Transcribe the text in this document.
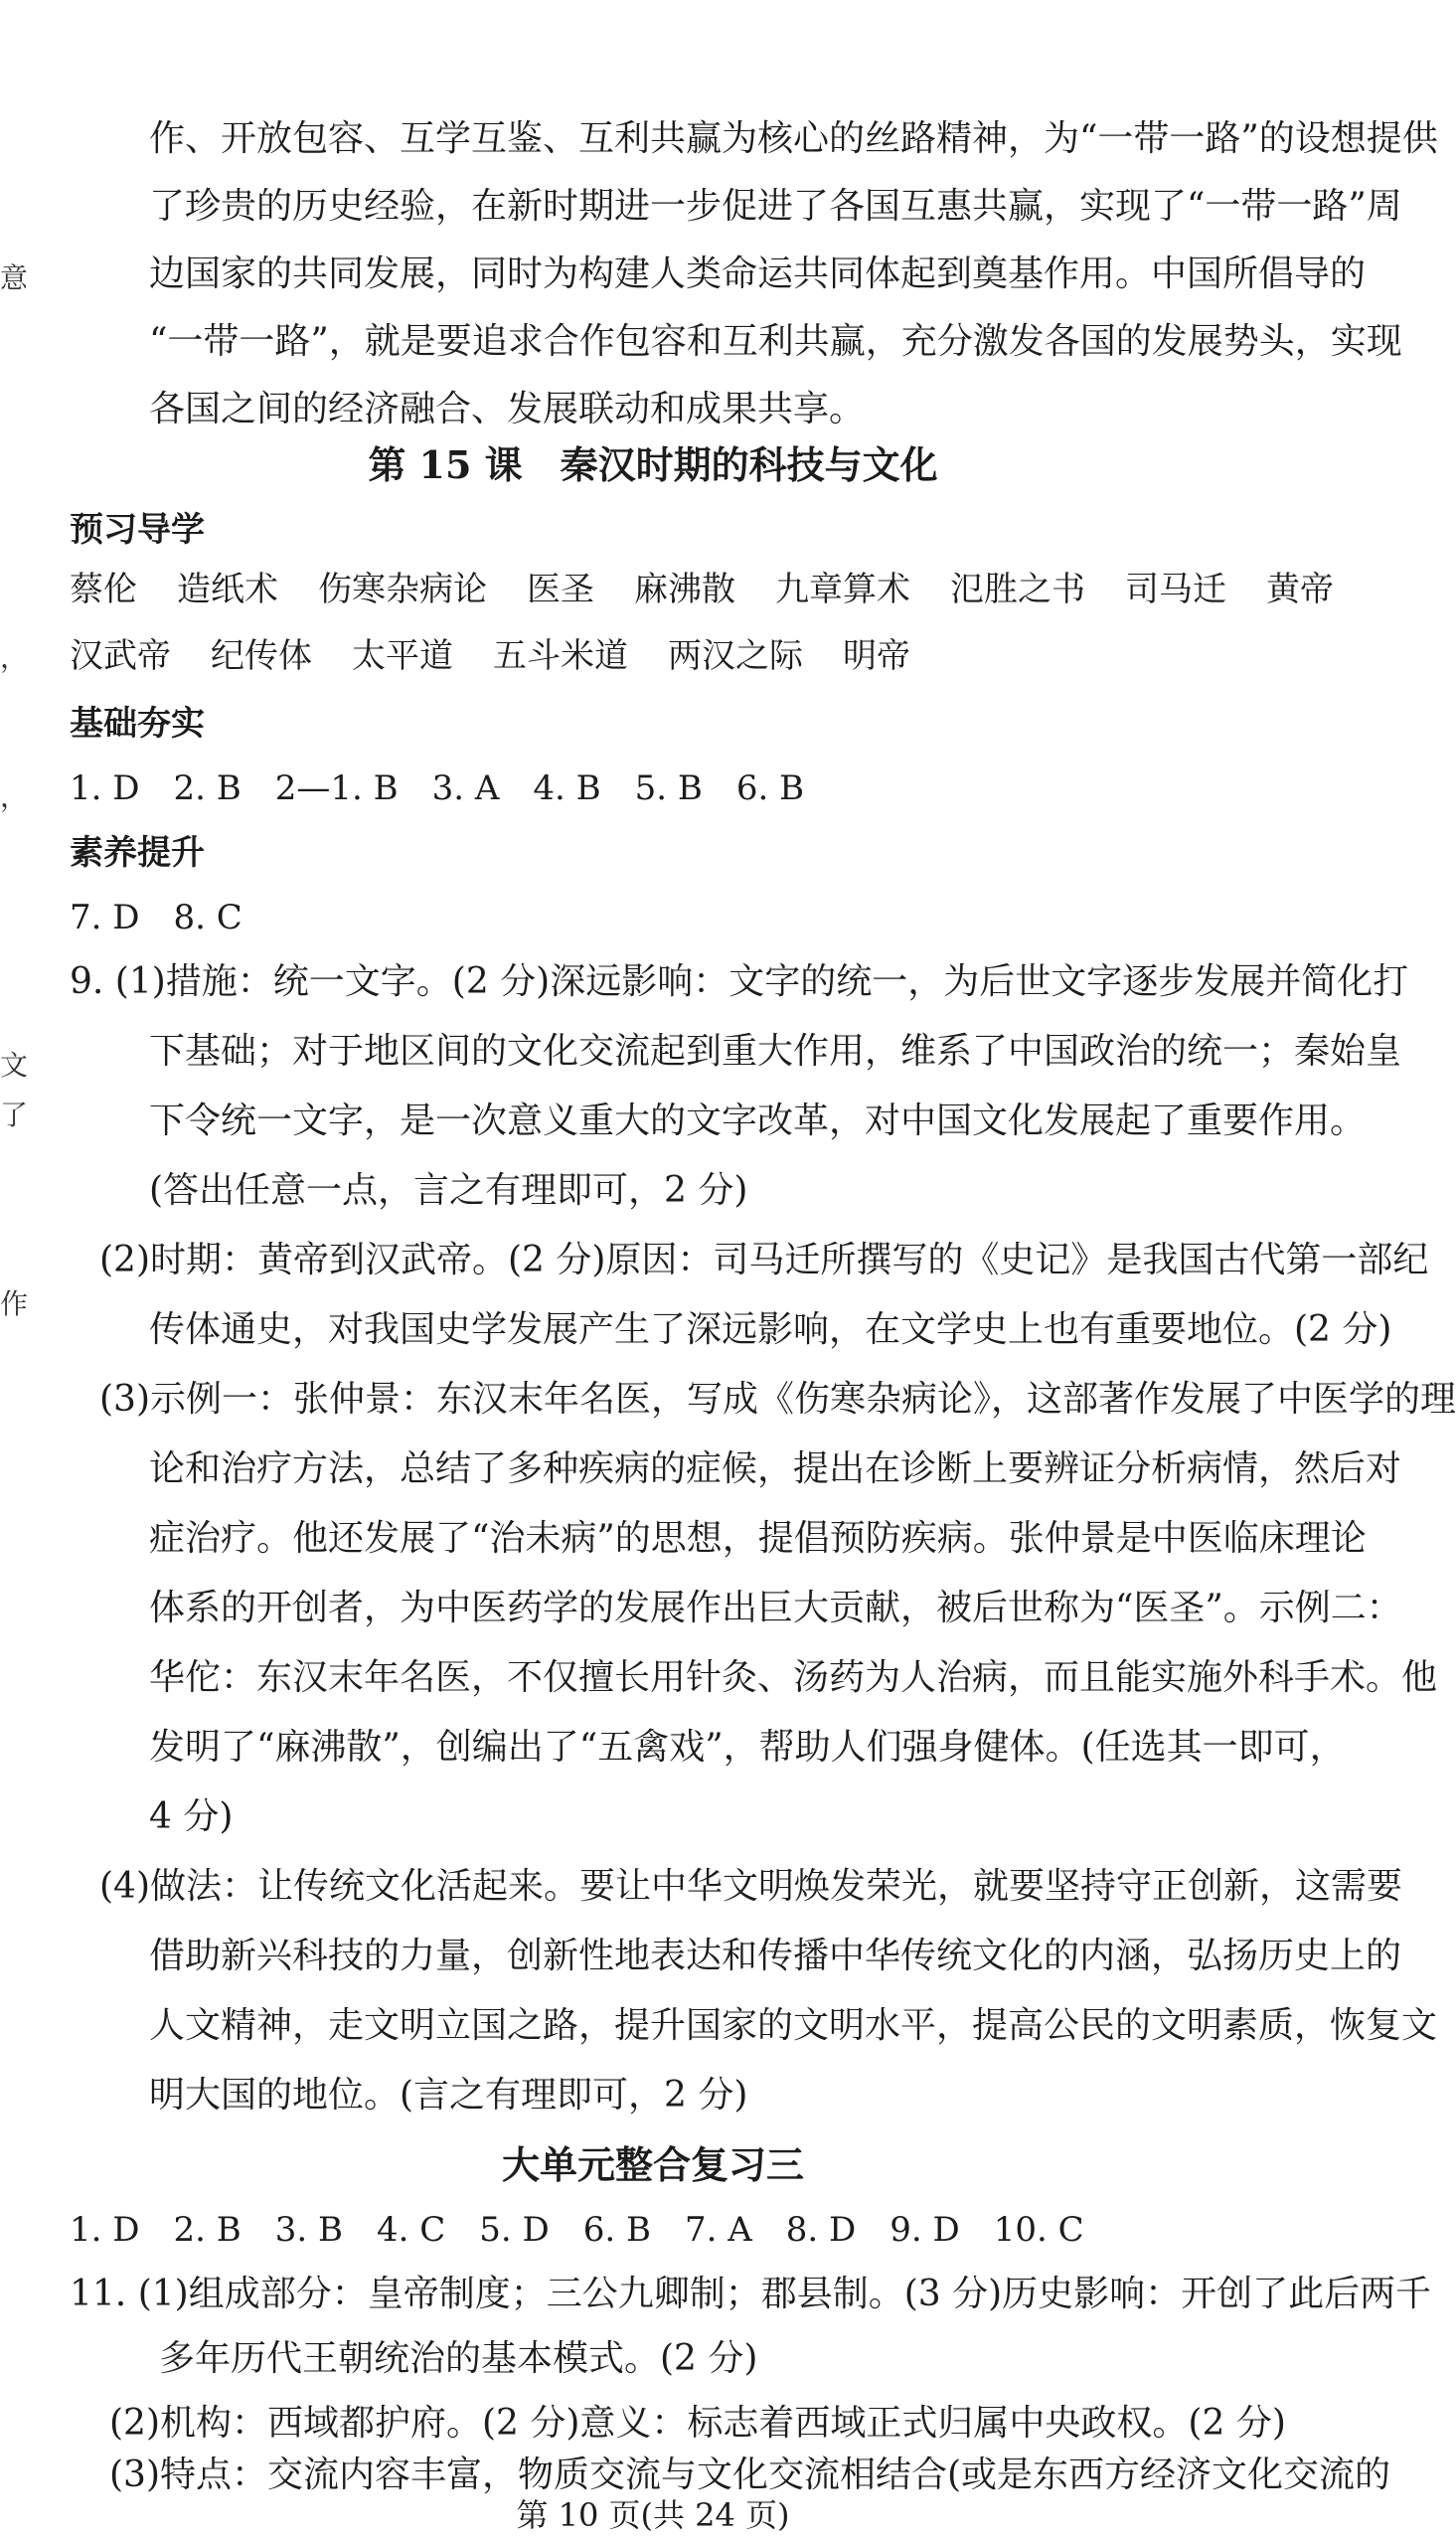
意
，
，
文
了
作
作、开放包容、互学互鉴、互利共赢为核心的丝路精神，为“一带一路”的设想提供
了珍贵的历史经验，在新时期进一步促进了各国互惠共赢，实现了“一带一路”周
边国家的共同发展，同时为构建人类命运共同体起到奠基作用。中国所倡导的
“一带一路”，就是要追求合作包容和互利共赢，充分激发各国的发展势头，实现
各国之间的经济融合、发展联动和成果共享。
第 15 课　秦汉时期的科技与文化
预习导学
蔡伦 造纸术 伤寒杂病论 医圣 麻沸散 九章算术 氾胜之书 司马迁 黄帝
汉武帝 纪传体 太平道 五斗米道 两汉之际 明帝
基础夯实
1. D　2. B　2—1. B　3. A　4. B　5. B　6. B
素养提升
7. D　8. C
9. (1)措施：统一文字。(2 分)深远影响：文字的统一，为后世文字逐步发展并简化打
下基础；对于地区间的文化交流起到重大作用，维系了中国政治的统一；秦始皇
下令统一文字，是一次意义重大的文字改革，对中国文化发展起了重要作用。
(答出任意一点，言之有理即可，2 分)
(2)时期：黄帝到汉武帝。(2 分)原因：司马迁所撰写的《史记》是我国古代第一部纪
传体通史，对我国史学发展产生了深远影响，在文学史上也有重要地位。(2 分)
(3)示例一：张仲景：东汉末年名医，写成《伤寒杂病论》，这部著作发展了中医学的理
论和治疗方法，总结了多种疾病的症候，提出在诊断上要辨证分析病情，然后对
症治疗。他还发展了“治未病”的思想，提倡预防疾病。张仲景是中医临床理论
体系的开创者，为中医药学的发展作出巨大贡献，被后世称为“医圣”。示例二：
华佗：东汉末年名医，不仅擅长用针灸、汤药为人治病，而且能实施外科手术。他
发明了“麻沸散”，创编出了“五禽戏”，帮助人们强身健体。(任选其一即可，
4 分)
(4)做法：让传统文化活起来。要让中华文明焕发荣光，就要坚持守正创新，这需要
借助新兴科技的力量，创新性地表达和传播中华传统文化的内涵，弘扬历史上的
人文精神，走文明立国之路，提升国家的文明水平，提高公民的文明素质，恢复文
明大国的地位。(言之有理即可，2 分)
大单元整合复习三
1. D　2. B　3. B　4. C　5. D　6. B　7. A　8. D　9. D　10. C
11. (1)组成部分：皇帝制度；三公九卿制；郡县制。(3 分)历史影响：开创了此后两千
多年历代王朝统治的基本模式。(2 分)
(2)机构：西域都护府。(2 分)意义：标志着西域正式归属中央政权。(2 分)
(3)特点：交流内容丰富，物质交流与文化交流相结合(或是东西方经济文化交流的
第 10 页(共 24 页)
